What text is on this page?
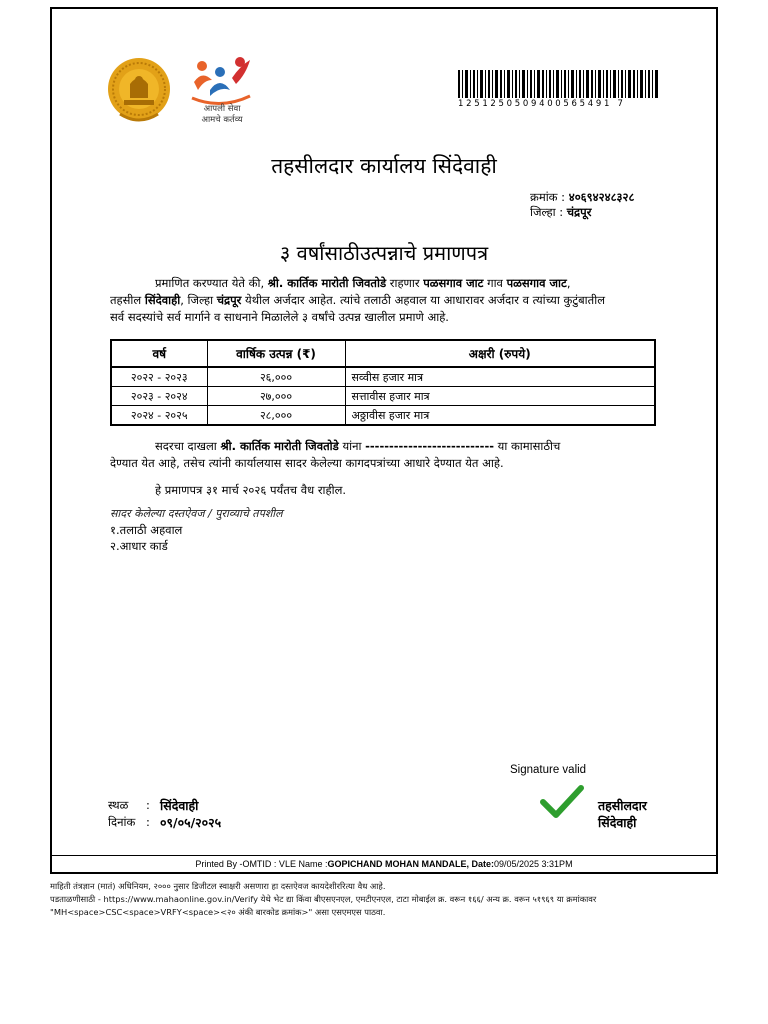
आपली सेवा
आमचे कर्तव्य
1251250509400565491 7
तहसीलदार कार्यालय सिंदेवाही
क्रमांक : ४०६९४२४८३२८
जिल्हा : चंद्रपूर
३ वर्षांसाठीउत्पन्नाचे प्रमाणपत्र
प्रमाणित करण्यात येते की, श्री. कार्तिक मारोती जिवतोडे राहणार पळसगाव जाट गाव पळसगाव जाट,
तहसील सिंदेवाही, जिल्हा चंद्रपूर येथील अर्जदार आहेत. त्यांचे तलाठी अहवाल या आधारावर अर्जदार व त्यांच्या कुटुंबातील
सर्व सदस्यांचे सर्व मार्गाने व साधनाने मिळालेले ३ वर्षांचे उत्पन्न खालील प्रमाणे आहे.
वर्ष	वार्षिक उत्पन्न (₹)	अक्षरी (रुपये)
२०२२ - २०२३	२६,०००	सव्वीस हजार मात्र
२०२३ - २०२४	२७,०००	सत्तावीस हजार मात्र
२०२४ - २०२५	२८,०००	अठ्ठावीस हजार मात्र
सदरचा दाखला श्री. कार्तिक मारोती जिवतोडे यांना --------------------------- या कामासाठीच
देण्यात येत आहे, तसेच त्यांनी कार्यालयास सादर केलेल्या कागदपत्रांच्या आधारे देण्यात येत आहे.
हे प्रमाणपत्र ३१ मार्च २०२६ पर्यंतच वैध राहील.
सादर केलेल्या दस्तऐवज / पुराव्याचे तपशील
१.तलाठी अहवाल
२.आधार कार्ड
Signature valid
स्थळ : सिंदेवाही
दिनांक : ०९/०५/२०२५
तहसीलदार
सिंदेवाही
Printed By -OMTID : VLE Name :GOPICHAND MOHAN MANDALE, Date:09/05/2025 3:31PM
माहिती तंत्रज्ञान (मातं) अधिनियम, २००० नुसार डिजीटल स्वाक्षरी असणारा हा दस्तऐवज कायदेशीररित्या वैध आहे.
पडताळणीसाठी - https://www.mahaonline.gov.in/Verify येथे भेट द्या किंवा बीएसएनएल, एमटीएनएल, टाटा मोबाईल क्र. वरून १६६/ अन्य क्र. वरून ५१९६९ या क्रमांकावर
"MH<space>CSC<space>VRFY<space><२० अंकी बारकोड क्रमांक>" असा एसएमएस पाठवा.
